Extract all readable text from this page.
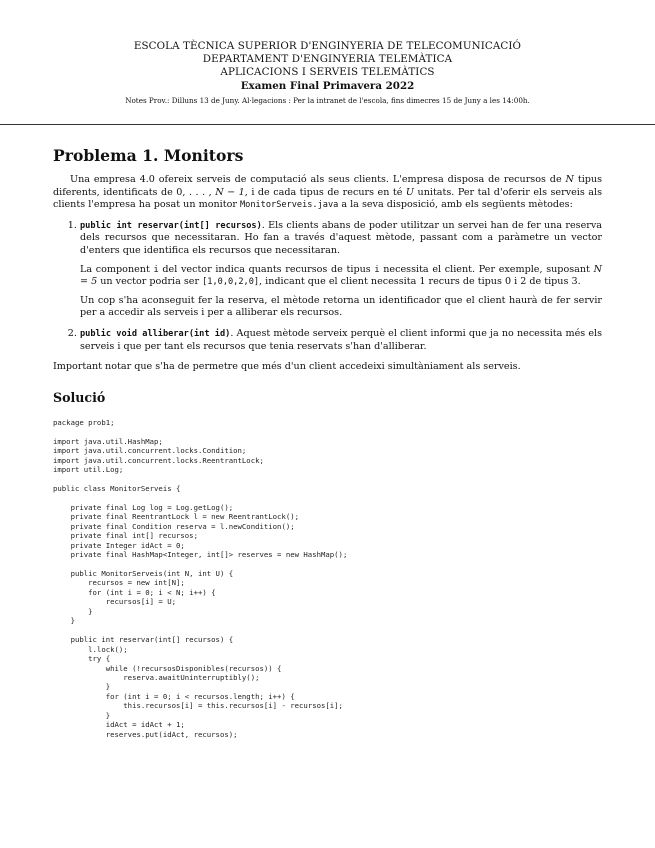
ESCOLA TÈCNICA SUPERIOR D'ENGINYERIA DE TELECOMUNICACIÓ
DEPARTAMENT D'ENGINYERIA TELEMÀTICA
APLICACIONS I SERVEIS TELEMÀTICS
Examen Final Primavera 2022
Notes Prov.: Dilluns 13 de Juny. Al·legacions : Per la intranet de l'escola, fins dimecres 15 de Juny a les 14:00h.
Problema 1. Monitors

Una empresa 4.0 ofereix serveis de computació als seus clients. L'empresa disposa de recursos de N tipus diferents, identificats de 0, . . . , N − 1, i de cada tipus de recurs en té U unitats. Per tal d'oferir els serveis als clients l'empresa ha posat un monitor MonitorServeis.java a la seva disposició, amb els següents mètodes:

1. public int reservar(int[] recursos). Els clients abans de poder utilitzar un servei han de fer una reserva dels recursos que necessitaran. Ho fan a través d'aquest mètode, passant com a paràmetre un vector d'enters que identifica els recursos que necessitaran.

La component i del vector indica quants recursos de tipus i necessita el client. Per exemple, suposant N = 5 un vector podria ser [1,0,0,2,0], indicant que el client necessita 1 recurs de tipus 0 i 2 de tipus 3.

Un cop s'ha aconseguit fer la reserva, el mètode retorna un identificador que el client haurà de fer servir per a accedir als serveis i per a alliberar els recursos.

2. public void alliberar(int id). Aquest mètode serveix perquè el client informi que ja no necessita més els serveis i que per tant els recursos que tenia reservats s'han d'alliberar.

Important notar que s'ha de permetre que més d'un client accedeixi simultàniament als serveis.

Solució
package prob1;

import java.util.HashMap;
import java.util.concurrent.locks.Condition;
import java.util.concurrent.locks.ReentrantLock;
import util.Log;

public class MonitorServeis {

private final Log log = Log.getLog();
private final ReentrantLock l = new ReentrantLock();
private final Condition reserva = l.newCondition();
private final int[] recursos;
private Integer idAct = 0;
private final HashMap<Integer, int[]> reserves = new HashMap();

public MonitorServeis(int N, int U) {
recursos = new int[N];
for (int i = 0; i < N; i++) {
recursos[i] = U;
}
}

public int reservar(int[] recursos) {
l.lock();
try {
while (!recursosDisponibles(recursos)) {
reserva.awaitUninterruptibly();
}
for (int i = 0; i < recursos.length; i++) {
this.recursos[i] = this.recursos[i] - recursos[i];
}
idAct = idAct + 1;
reserves.put(idAct, recursos);
